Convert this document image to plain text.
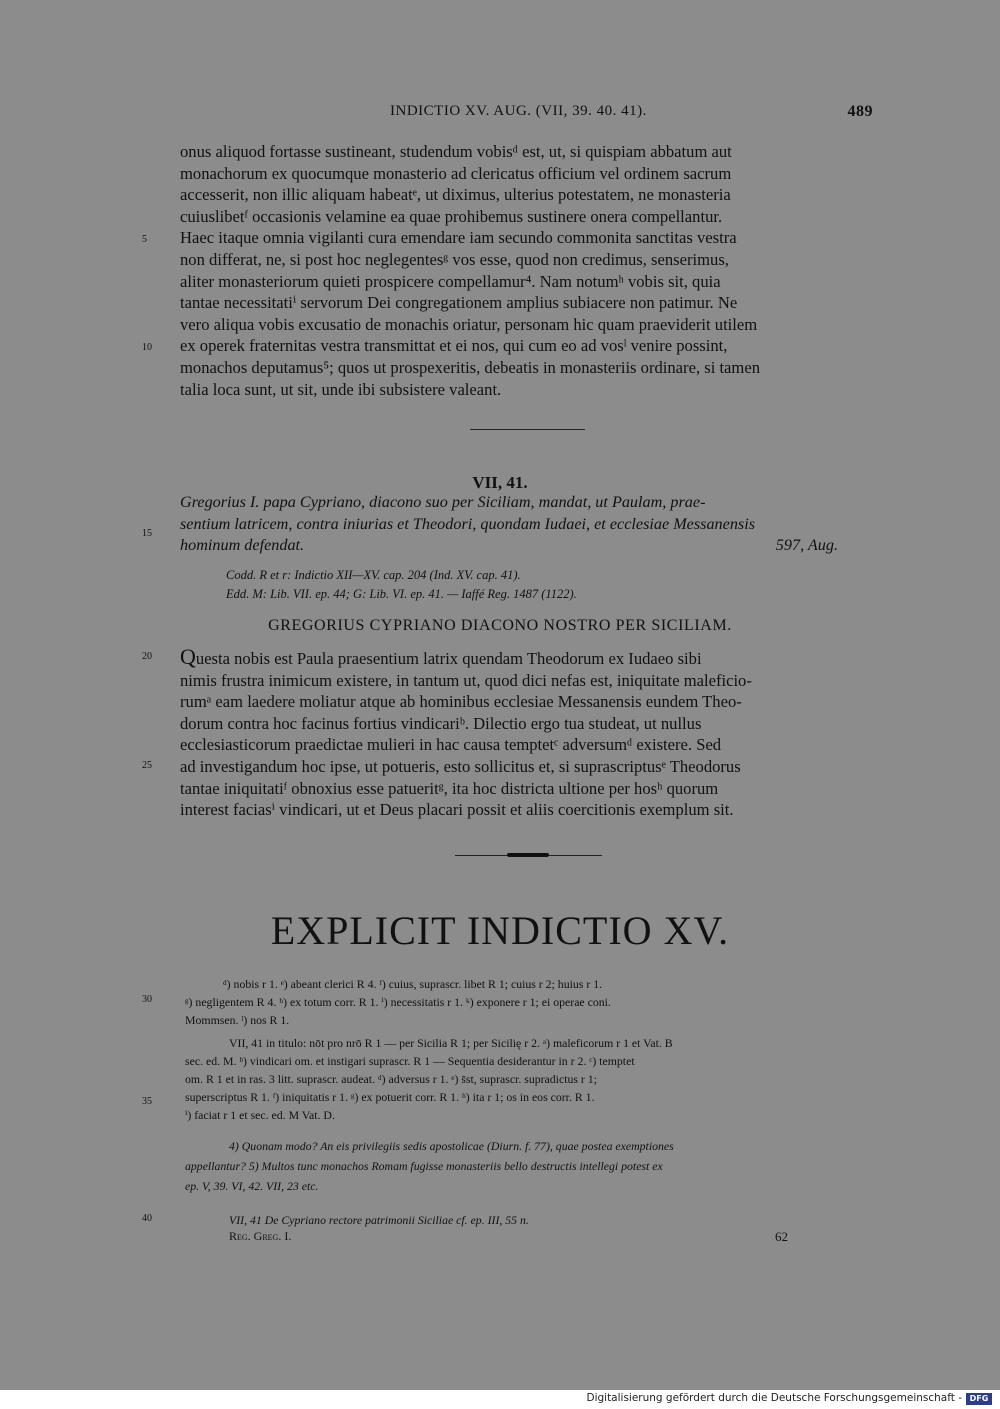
INDICTIO XV. AUG. (VII, 39. 40. 41).	489

onus aliquod fortasse sustineant, studendum vobisᵈ est, ut, si quispiam abbatum aut

monachorum ex quocumque monasterio ad clericatus officium vel ordinem sacrum

accesserit, non illic aliquam habeatᵉ, ut diximus, ulterius potestatem, ne monasteria

cuiuslibetᶠ occasionis velamine ea quae prohibemus sustinere onera compellantur.

Haec itaque omnia vigilanti cura emendare iam secundo commonita sanctitas vestra

non differat, ne, si post hoc neglegentesᵍ vos esse, quod non credimus, senserimus,

aliter monasteriorum quieti prospicere compellamur⁴. Nam notumʰ vobis sit, quia

tantae necessitatiⁱ servorum Dei congregationem amplius subiacere non patimur. Ne

vero aliqua vobis excusatio de monachis oriatur, personam hic quam praeviderit utilem

ex operek fraternitas vestra transmittat et ei nos, qui cum eo ad vosˡ venire possint,

monachos deputamus⁵; quos ut prospexeritis, debeatis in monasteriis ordinare, si tamen

talia loca sunt, ut sit, unde ibi subsistere valeant.

5
10
15
20
25
30
35
40
VII, 41.
Gregorius I. papa Cypriano, diacono suo per Siciliam, mandat, ut Paulam, prae-
sentium latricem, contra iniurias et Theodori, quondam Iudaei, et ecclesiae Messanensis
hominum defendat.	597, Aug.
Codd. R et r: Indictio XII—XV. cap. 204 (Ind. XV. cap. 41).
Edd. M: Lib. VII. ep. 44; G: Lib. VI. ep. 41. — Iaffé Reg. 1487 (1122).
GREGORIUS CYPRIANO DIACONO NOSTRO PER SICILIAM.

Questa nobis est Paula praesentium latrix quendam Theodorum ex Iudaeo sibi

nimis frustra inimicum existere, in tantum ut, quod dici nefas est, iniquitate maleficio-

rumᵃ eam laedere moliatur atque ab hominibus ecclesiae Messanensis eundem Theo-

dorum contra hoc facinus fortius vindicariᵇ. Dilectio ergo tua studeat, ut nullus

ecclesiasticorum praedictae mulieri in hac causa temptetᶜ adversumᵈ existere. Sed

ad investigandum hoc ipse, ut potueris, esto sollicitus et, si suprascriptusᵉ Theodorus

tantae iniquitatiᶠ obnoxius esse patueritᵍ, ita hoc districta ultione per hosʰ quorum

interest faciasⁱ vindicari, ut et Deus placari possit et aliis coercitionis exemplum sit.

EXPLICIT INDICTIO XV.
ᵈ) nobis r 1. ᵉ) abeant clerici R 4. ᶠ) cuius, suprascr. libet R 1; cuius r 2; huius r 1.
ᵍ) negligentem R 4. ʰ) ex totum corr. R 1. ⁱ) necessitatis r 1. ᵏ) exponere r 1; ei operae coni.
Mommsen. ˡ) nos R 1.
VII, 41 in titulo: nōt pro nrō R 1 — per Sicilia R 1; per Sicilię r 2. ᵃ) maleficorum r 1 et Vat. B
sec. ed. M. ᵇ) vindicari om. et instigari suprascr. R 1 — Sequentia desiderantur in r 2. ᶜ) temptet
om. R 1 et in ras. 3 litt. suprascr. audeat. ᵈ) adversus r 1. ᵉ) s̄st, suprascr. supradictus r 1;
superscriptus R 1. ᶠ) iniquitatis r 1. ᵍ) ex potuerit corr. R 1. ʰ) ita r 1; os in eos corr. R 1.
ⁱ) faciat r 1 et sec. ed. M Vat. D.
4) Quonam modo? An eis privilegiis sedis apostolicae (Diurn. f. 77), quae postea exemptiones
appellantur? 5) Multos tunc monachos Romam fugisse monasteriis bello destructis intellegi potest ex
ep. V, 39. VI, 42. VII, 23 etc.
VII, 41 De Cypriano rectore patrimonii Siciliae cf. ep. III, 55 n.
Reg. Greg. I.	62
Digitalisierung gefördert durch die Deutsche Forschungsgemeinschaft - DFG
